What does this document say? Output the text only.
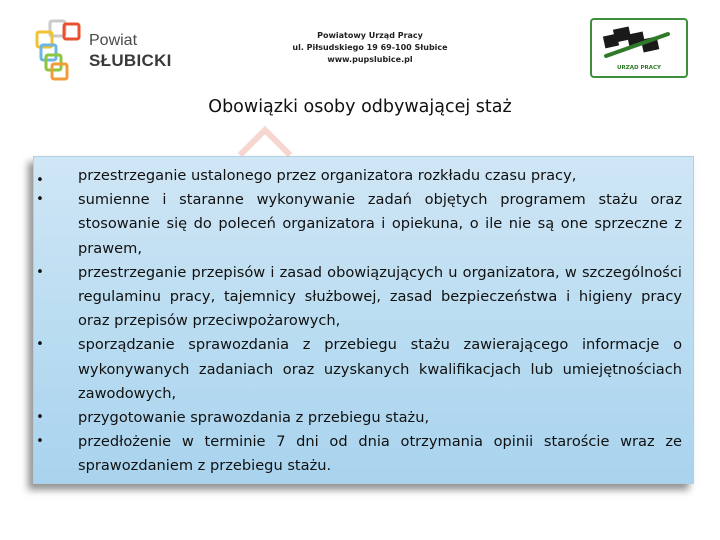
Powiat
SŁUBICKI
Powiatowy Urząd Pracy
ul. Piłsudskiego 19 69-100 Słubice
www.pupslubice.pl
URZĄD PRACY
Obowiązki osoby odbywającej staż
• przestrzeganie ustalonego przez organizatora rozkładu czasu pracy,
• sumienne i staranne wykonywanie zadań objętych programem stażu oraz stosowanie się do poleceń organizatora i opiekuna, o ile nie są one sprzeczne z prawem,
• przestrzeganie przepisów i zasad obowiązujących u organizatora, w szczególności regulaminu pracy, tajemnicy służbowej, zasad bezpieczeństwa i higieny pracy oraz przepisów przeciwpożarowych,
• sporządzanie sprawozdania z przebiegu stażu zawierającego informacje o wykonywanych zadaniach oraz uzyskanych kwalifikacjach lub umiejętnościach zawodowych,
• przygotowanie sprawozdania z przebiegu stażu,
• przedłożenie w terminie 7 dni od dnia otrzymania opinii staroście wraz ze sprawozdaniem z przebiegu stażu.
